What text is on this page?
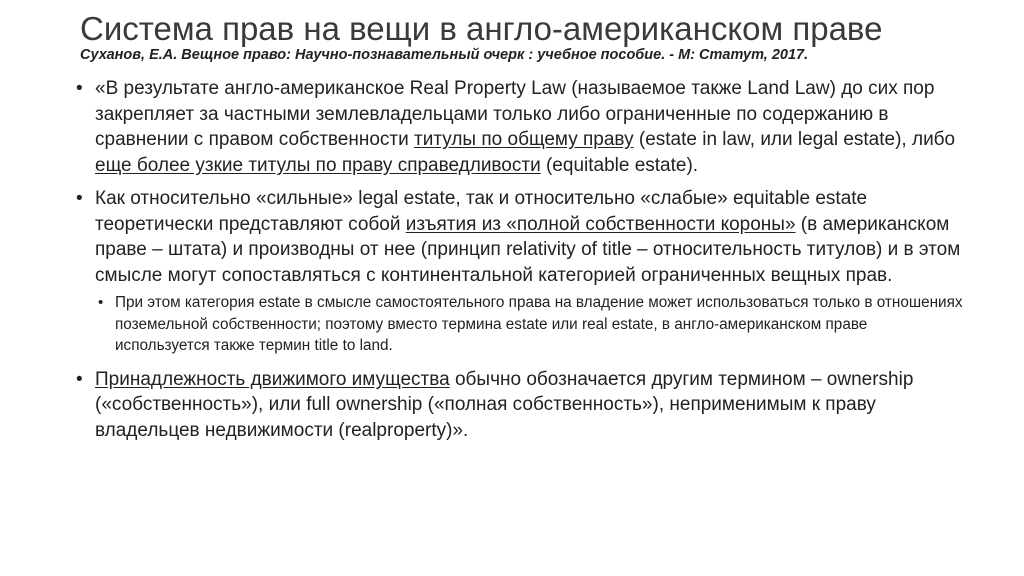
Система прав на вещи в англо-американском праве
Суханов, Е.А. Вещное право: Научно-познавательный очерк : учебное пособие. - М: Статут, 2017.
• «В результате англо-американское Real Property Law (называемое также Land Law) до сих пор закрепляет за частными землевладельцами только либо ограниченные по содержанию в сравнении с правом собственности титулы по общему праву (estate in law, или legal estate), либо еще более узкие титулы по праву справедливости (equitable estate).
• Как относительно «сильные» legal estate, так и относительно «слабые» equitable estate теоретически представляют собой изъятия из «полной собственности короны» (в американском праве – штата) и производны от нее (принцип relativity of title – относительность титулов) и в этом смысле могут сопоставляться с континентальной категорией ограниченных вещных прав.
• При этом категория estate в смысле самостоятельного права на владение может использоваться только в отношениях поземельной собственности; поэтому вместо термина estate или real estate, в англо-американском праве используется также термин title to land.
• Принадлежность движимого имущества обычно обозначается другим термином – ownership («собственность»), или full ownership («полная собственность»), неприменимым к праву владельцев недвижимости (realproperty)».
